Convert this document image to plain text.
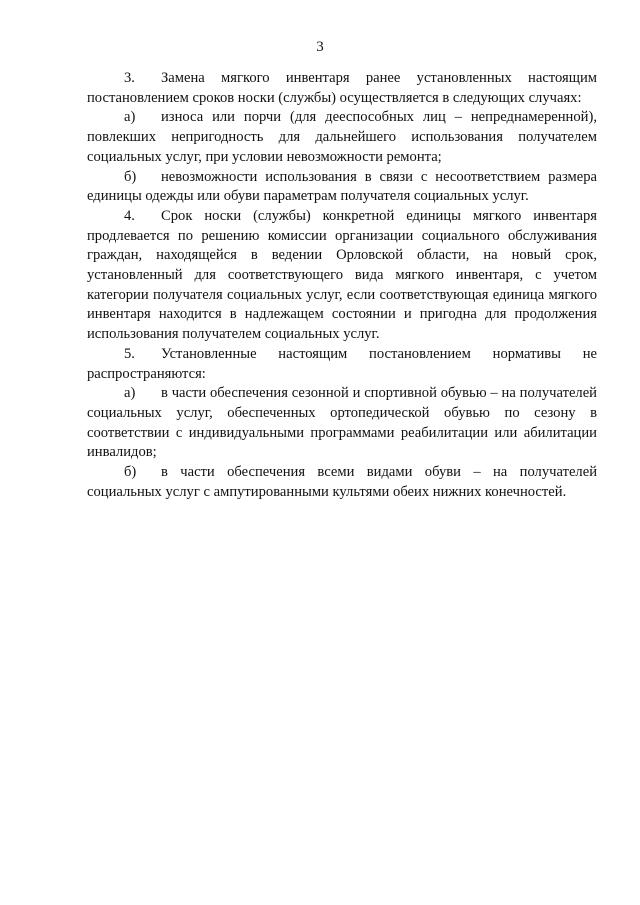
3

3. Замена мягкого инвентаря ранее установленных настоящим постановлением сроков носки (службы) осуществляется в следующих случаях:

а) износа или порчи (для дееспособных лиц – непреднамеренной), повлекших непригодность для дальнейшего использования получателем социальных услуг, при условии невозможности ремонта;

б) невозможности использования в связи с несоответствием размера единицы одежды или обуви параметрам получателя социальных услуг.

4. Срок носки (службы) конкретной единицы мягкого инвентаря продлевается по решению комиссии организации социального обслуживания граждан, находящейся в ведении Орловской области, на новый срок, установленный для соответствующего вида мягкого инвентаря, с учетом категории получателя социальных услуг, если соответствующая единица мягкого инвентаря находится в надлежащем состоянии и пригодна для продолжения использования получателем социальных услуг.

5. Установленные настоящим постановлением нормативы не распространяются:

а) в части обеспечения сезонной и спортивной обувью – на получателей социальных услуг, обеспеченных ортопедической обувью по сезону в соответствии с индивидуальными программами реабилитации или абилитации инвалидов;

б) в части обеспечения всеми видами обуви – на получателей социальных услуг с ампутированными культями обеих нижних конечностей.
